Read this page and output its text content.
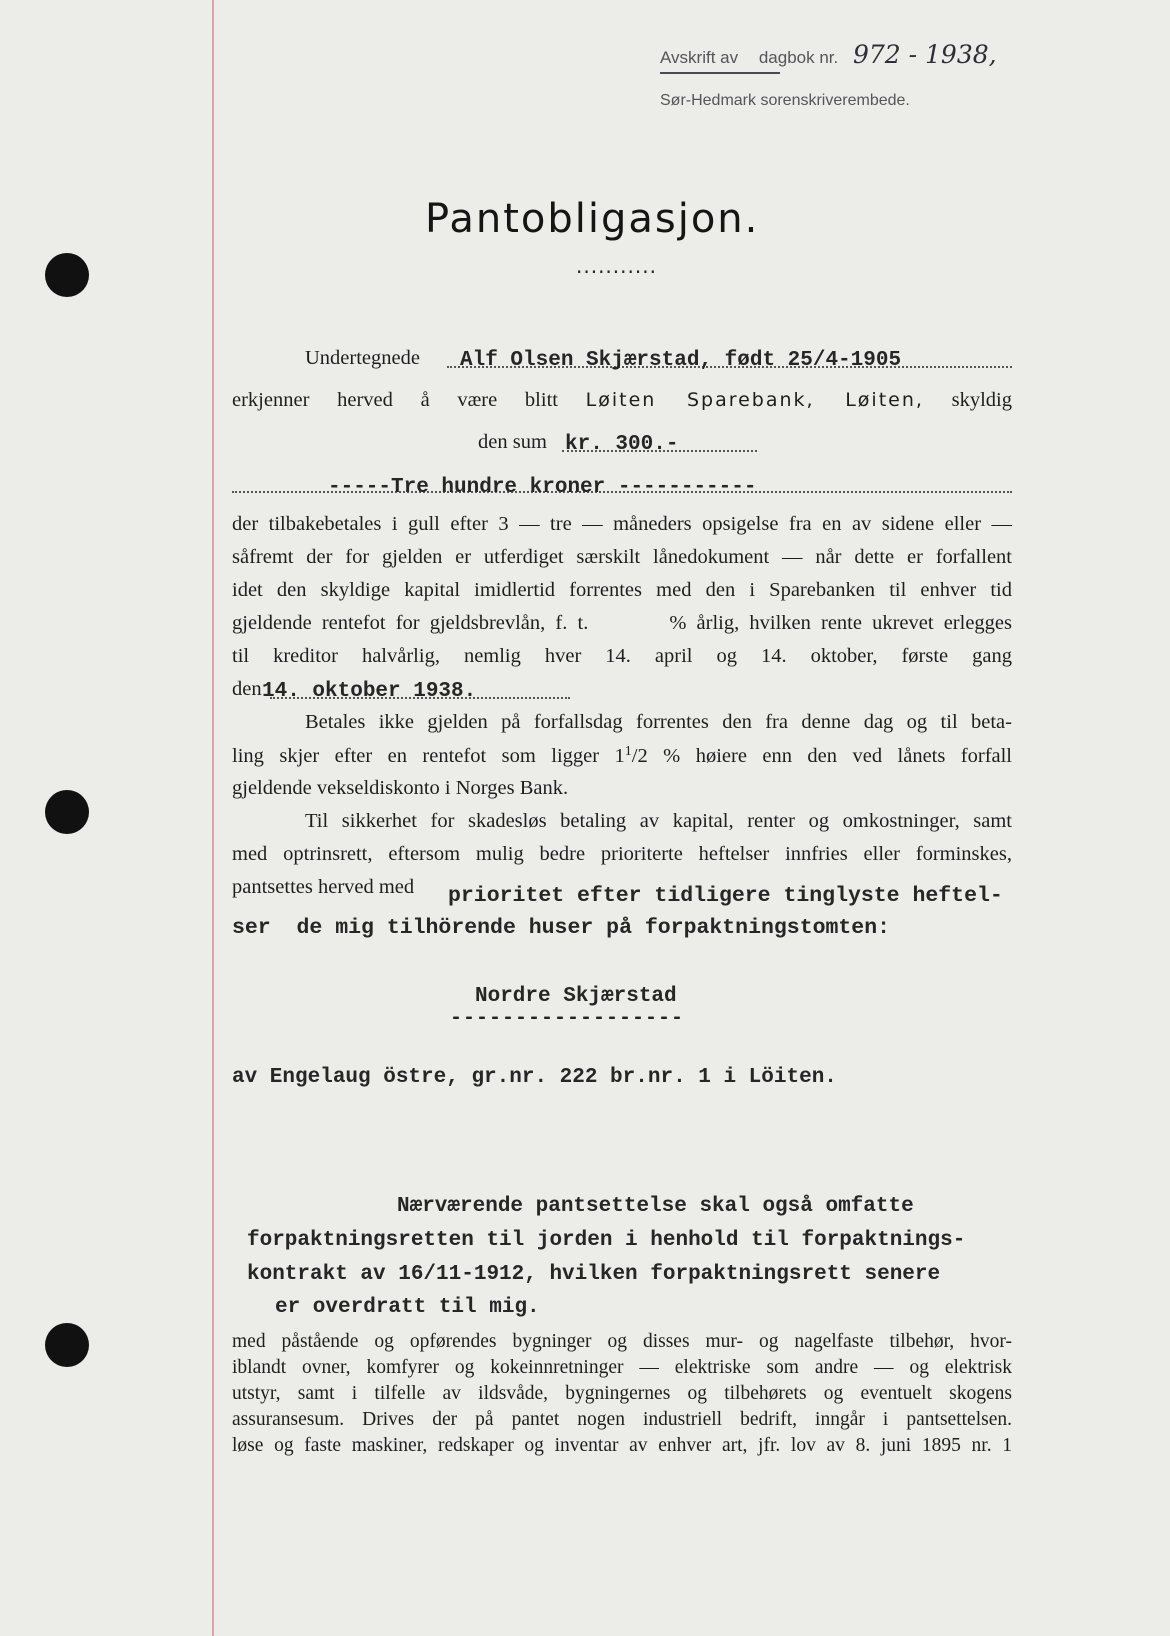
Avskrift av dagbok nr. 972 - 1938,
Sør-Hedmark sorenskriverembede.
Pantobligasjon.
...........
Undertegnede Alf Olsen Skjærstad, født 25/4-1905
erkjenner herved å være blitt Løiten Sparebank, Løiten, skyldig
den sum kr. 300.-
-----Tre hundre kroner -----------
der tilbakebetales i gull efter 3 — tre — måneders opsigelse fra en av sidene eller —
såfremt der for gjelden er utferdiget særskilt lånedokument — når dette er forfallent
idet den skyldige kapital imidlertid forrentes med den i Sparebanken til enhver tid
gjeldende rentefot for gjeldsbrevlån, f. t.        % årlig, hvilken rente ukrevet erlegges
til kreditor halvårlig, nemlig hver 14. april og 14. oktober, første gang
den 14. oktober 1938.
Betales ikke gjelden på forfallsdag forrentes den fra denne dag og til beta-
ling skjer efter en rentefot som ligger $1^1/2$ % høiere enn den ved lånets forfall
gjeldende vekseldiskonto i Norges Bank.
Til sikkerhet for skadesløs betaling av kapital, renter og omkostninger, samt
med optrinsrett, eftersom mulig bedre prioriterte heftelser innfries eller forminskes,
pantsettes herved med prioritet efter tidligere tinglyste heftel-
ser  de mig tilhörende huser på forpaktningstomten:
Nordre Skjærstad
------------------
av Engelaug östre, gr.nr. 222 br.nr. 1 i Löiten.
Nærværende pantsettelse skal også omfatte
forpaktningsretten til jorden i henhold til forpaktnings-
kontrakt av 16/11-1912, hvilken forpaktningsrett senere
er overdratt til mig.
med påstående og opførendes bygninger og disses mur- og nagelfaste tilbehør, hvor-
iblandt ovner, komfyrer og kokeinnretninger — elektriske som andre — og elektrisk
utstyr, samt i tilfelle av ildsvåde, bygningernes og tilbehørets og eventuelt skogens
assuransesum. Drives der på pantet nogen industriell bedrift, inngår i pantsettelsen.
løse og faste maskiner, redskaper og inventar av enhver art, jfr. lov av 8. juni 1895 nr. 1
